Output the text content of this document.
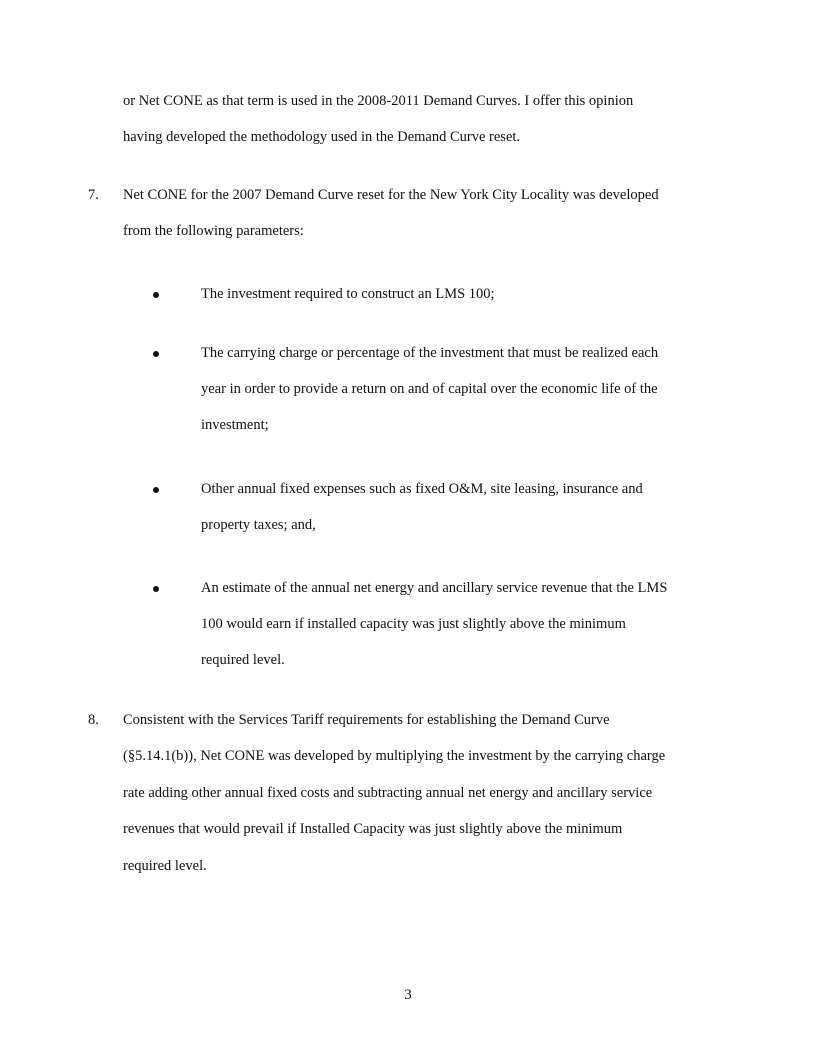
or Net CONE as that term is used in the 2008-2011 Demand Curves. I offer this opinion
having developed the methodology used in the Demand Curve reset.
7. Net CONE for the 2007 Demand Curve reset for the New York City Locality was developed
from the following parameters:
The investment required to construct an LMS 100;
The carrying charge or percentage of the investment that must be realized each
year in order to provide a return on and of capital over the economic life of the
investment;
Other annual fixed expenses such as fixed O&M, site leasing, insurance and
property taxes; and,
An estimate of the annual net energy and ancillary service revenue that the LMS
100 would earn if installed capacity was just slightly above the minimum
required level.
8. Consistent with the Services Tariff requirements for establishing the Demand Curve
(§5.14.1(b)), Net CONE was developed by multiplying the investment by the carrying charge
rate adding other annual fixed costs and subtracting annual net energy and ancillary service
revenues that would prevail if Installed Capacity was just slightly above the minimum
required level.
3
